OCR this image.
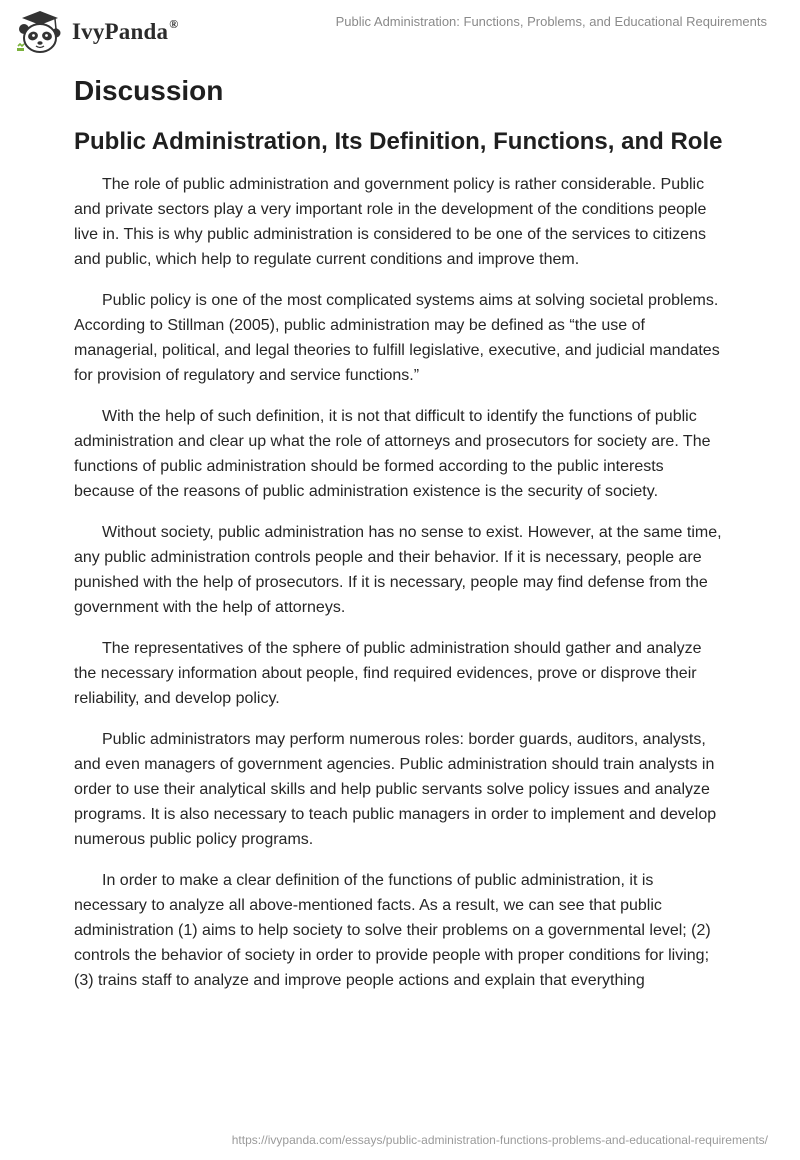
IvyPanda®	Public Administration: Functions, Problems, and Educational Requirements
Discussion
Public Administration, Its Definition, Functions, and Role

The role of public administration and government policy is rather considerable. Public and private sectors play a very important role in the development of the conditions people live in. This is why public administration is considered to be one of the services to citizens and public, which help to regulate current conditions and improve them.

Public policy is one of the most complicated systems aims at solving societal problems. According to Stillman (2005), public administration may be defined as “the use of managerial, political, and legal theories to fulfill legislative, executive, and judicial mandates for provision of regulatory and service functions.”

With the help of such definition, it is not that difficult to identify the functions of public administration and clear up what the role of attorneys and prosecutors for society are. The functions of public administration should be formed according to the public interests because of the reasons of public administration existence is the security of society.

Without society, public administration has no sense to exist. However, at the same time, any public administration controls people and their behavior. If it is necessary, people are punished with the help of prosecutors. If it is necessary, people may find defense from the government with the help of attorneys.

The representatives of the sphere of public administration should gather and analyze the necessary information about people, find required evidences, prove or disprove their reliability, and develop policy.

Public administrators may perform numerous roles: border guards, auditors, analysts, and even managers of government agencies. Public administration should train analysts in order to use their analytical skills and help public servants solve policy issues and analyze programs. It is also necessary to teach public managers in order to implement and develop numerous public policy programs.

In order to make a clear definition of the functions of public administration, it is necessary to analyze all above-mentioned facts. As a result, we can see that public administration (1) aims to help society to solve their problems on a governmental level; (2) controls the behavior of society in order to provide people with proper conditions for living; (3) trains staff to analyze and improve people actions and explain that everything

https://ivypanda.com/essays/public-administration-functions-problems-and-educational-requirements/
